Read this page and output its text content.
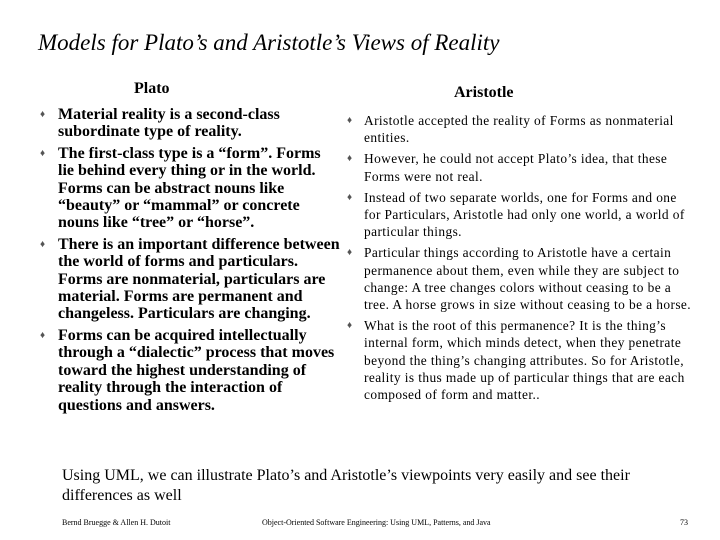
Models for Plato’s and Aristotle’s Views of Reality
Plato	Aristotle
♦ Material reality is a second-class subordinate type of reality.
♦ The first-class type is a “form”. Forms lie behind every thing or in the world. Forms can be abstract nouns like “beauty” or “mammal” or concrete nouns like “tree” or “horse”.
♦ There is an important difference between the world of forms and particulars. Forms are nonmaterial, particulars are material. Forms are permanent and changeless. Particulars are changing.
♦ Forms can be acquired intellectually through a “dialectic” process that moves toward the highest understanding of reality through the interaction of questions and answers.
♦ Aristotle accepted the reality of Forms as nonmaterial entities.
♦ However, he could not accept Plato’s idea, that these Forms were not real.
♦ Instead of two separate worlds, one for Forms and one for Particulars, Aristotle had only one world, a world of particular things.
♦ Particular things according to Aristotle have a certain permanence about them, even while they are subject to change: A tree changes colors without ceasing to be a tree. A horse grows in size without ceasing to be a horse.
♦ What is the root of this permanence? It is the thing’s internal form, which minds detect, when they penetrate beyond the thing’s changing attributes. So for Aristotle, reality is thus made up of particular things that are each composed of form and matter..
Using UML, we can illustrate Plato’s and Aristotle’s viewpoints very easily and see their differences as well
Bernd Bruegge & Allen H. Dutoit	Object-Oriented Software Engineering: Using UML, Patterns, and Java	73
